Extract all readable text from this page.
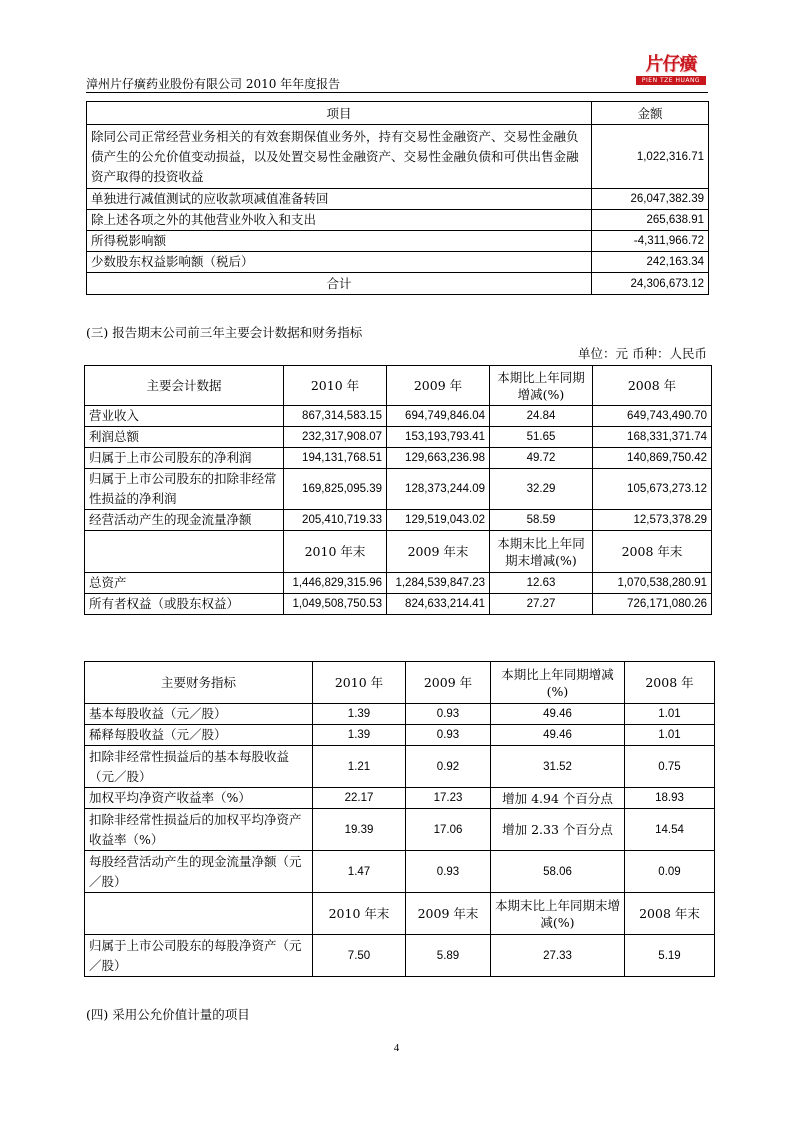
漳州片仔癀药业股份有限公司 2010 年年度报告
片仔癀
PIEN TZE HUANG
项目	金额
除同公司正常经营业务相关的有效套期保值业务外，持有交易性金融资产、交易性金融负债产生的公允价值变动损益，以及处置交易性金融资产、交易性金融负债和可供出售金融资产取得的投资收益	1,022,316.71
单独进行减值测试的应收款项减值准备转回	26,047,382.39
除上述各项之外的其他营业外收入和支出	265,638.91
所得税影响额	-4,311,966.72
少数股东权益影响额（税后）	242,163.34
合计	24,306,673.12
(三) 报告期末公司前三年主要会计数据和财务指标
单位：元 币种：人民币
主要会计数据	2010 年	2009 年	本期比上年同期增减(%)	2008 年
营业收入	867,314,583.15	694,749,846.04	24.84	649,743,490.70
利润总额	232,317,908.07	153,193,793.41	51.65	168,331,371.74
归属于上市公司股东的净利润	194,131,768.51	129,663,236.98	49.72	140,869,750.42
归属于上市公司股东的扣除非经常性损益的净利润	169,825,095.39	128,373,244.09	32.29	105,673,273.12
经营活动产生的现金流量净额	205,410,719.33	129,519,043.02	58.59	12,573,378.29
	2010 年末	2009 年末	本期末比上年同期末增减(%)	2008 年末
总资产	1,446,829,315.96	1,284,539,847.23	12.63	1,070,538,280.91
所有者权益（或股东权益）	1,049,508,750.53	824,633,214.41	27.27	726,171,080.26
主要财务指标	2010 年	2009 年	本期比上年同期增减(%)	2008 年
基本每股收益（元／股）	1.39	0.93	49.46	1.01
稀释每股收益（元／股）	1.39	0.93	49.46	1.01
扣除非经常性损益后的基本每股收益（元／股）	1.21	0.92	31.52	0.75
加权平均净资产收益率（%）	22.17	17.23	增加 4.94 个百分点	18.93
扣除非经常性损益后的加权平均净资产收益率（%）	19.39	17.06	增加 2.33 个百分点	14.54
每股经营活动产生的现金流量净额（元／股）	1.47	0.93	58.06	0.09
	2010 年末	2009 年末	本期末比上年同期末增减(%)	2008 年末
归属于上市公司股东的每股净资产（元／股）	7.50	5.89	27.33	5.19
(四) 采用公允价值计量的项目
4
